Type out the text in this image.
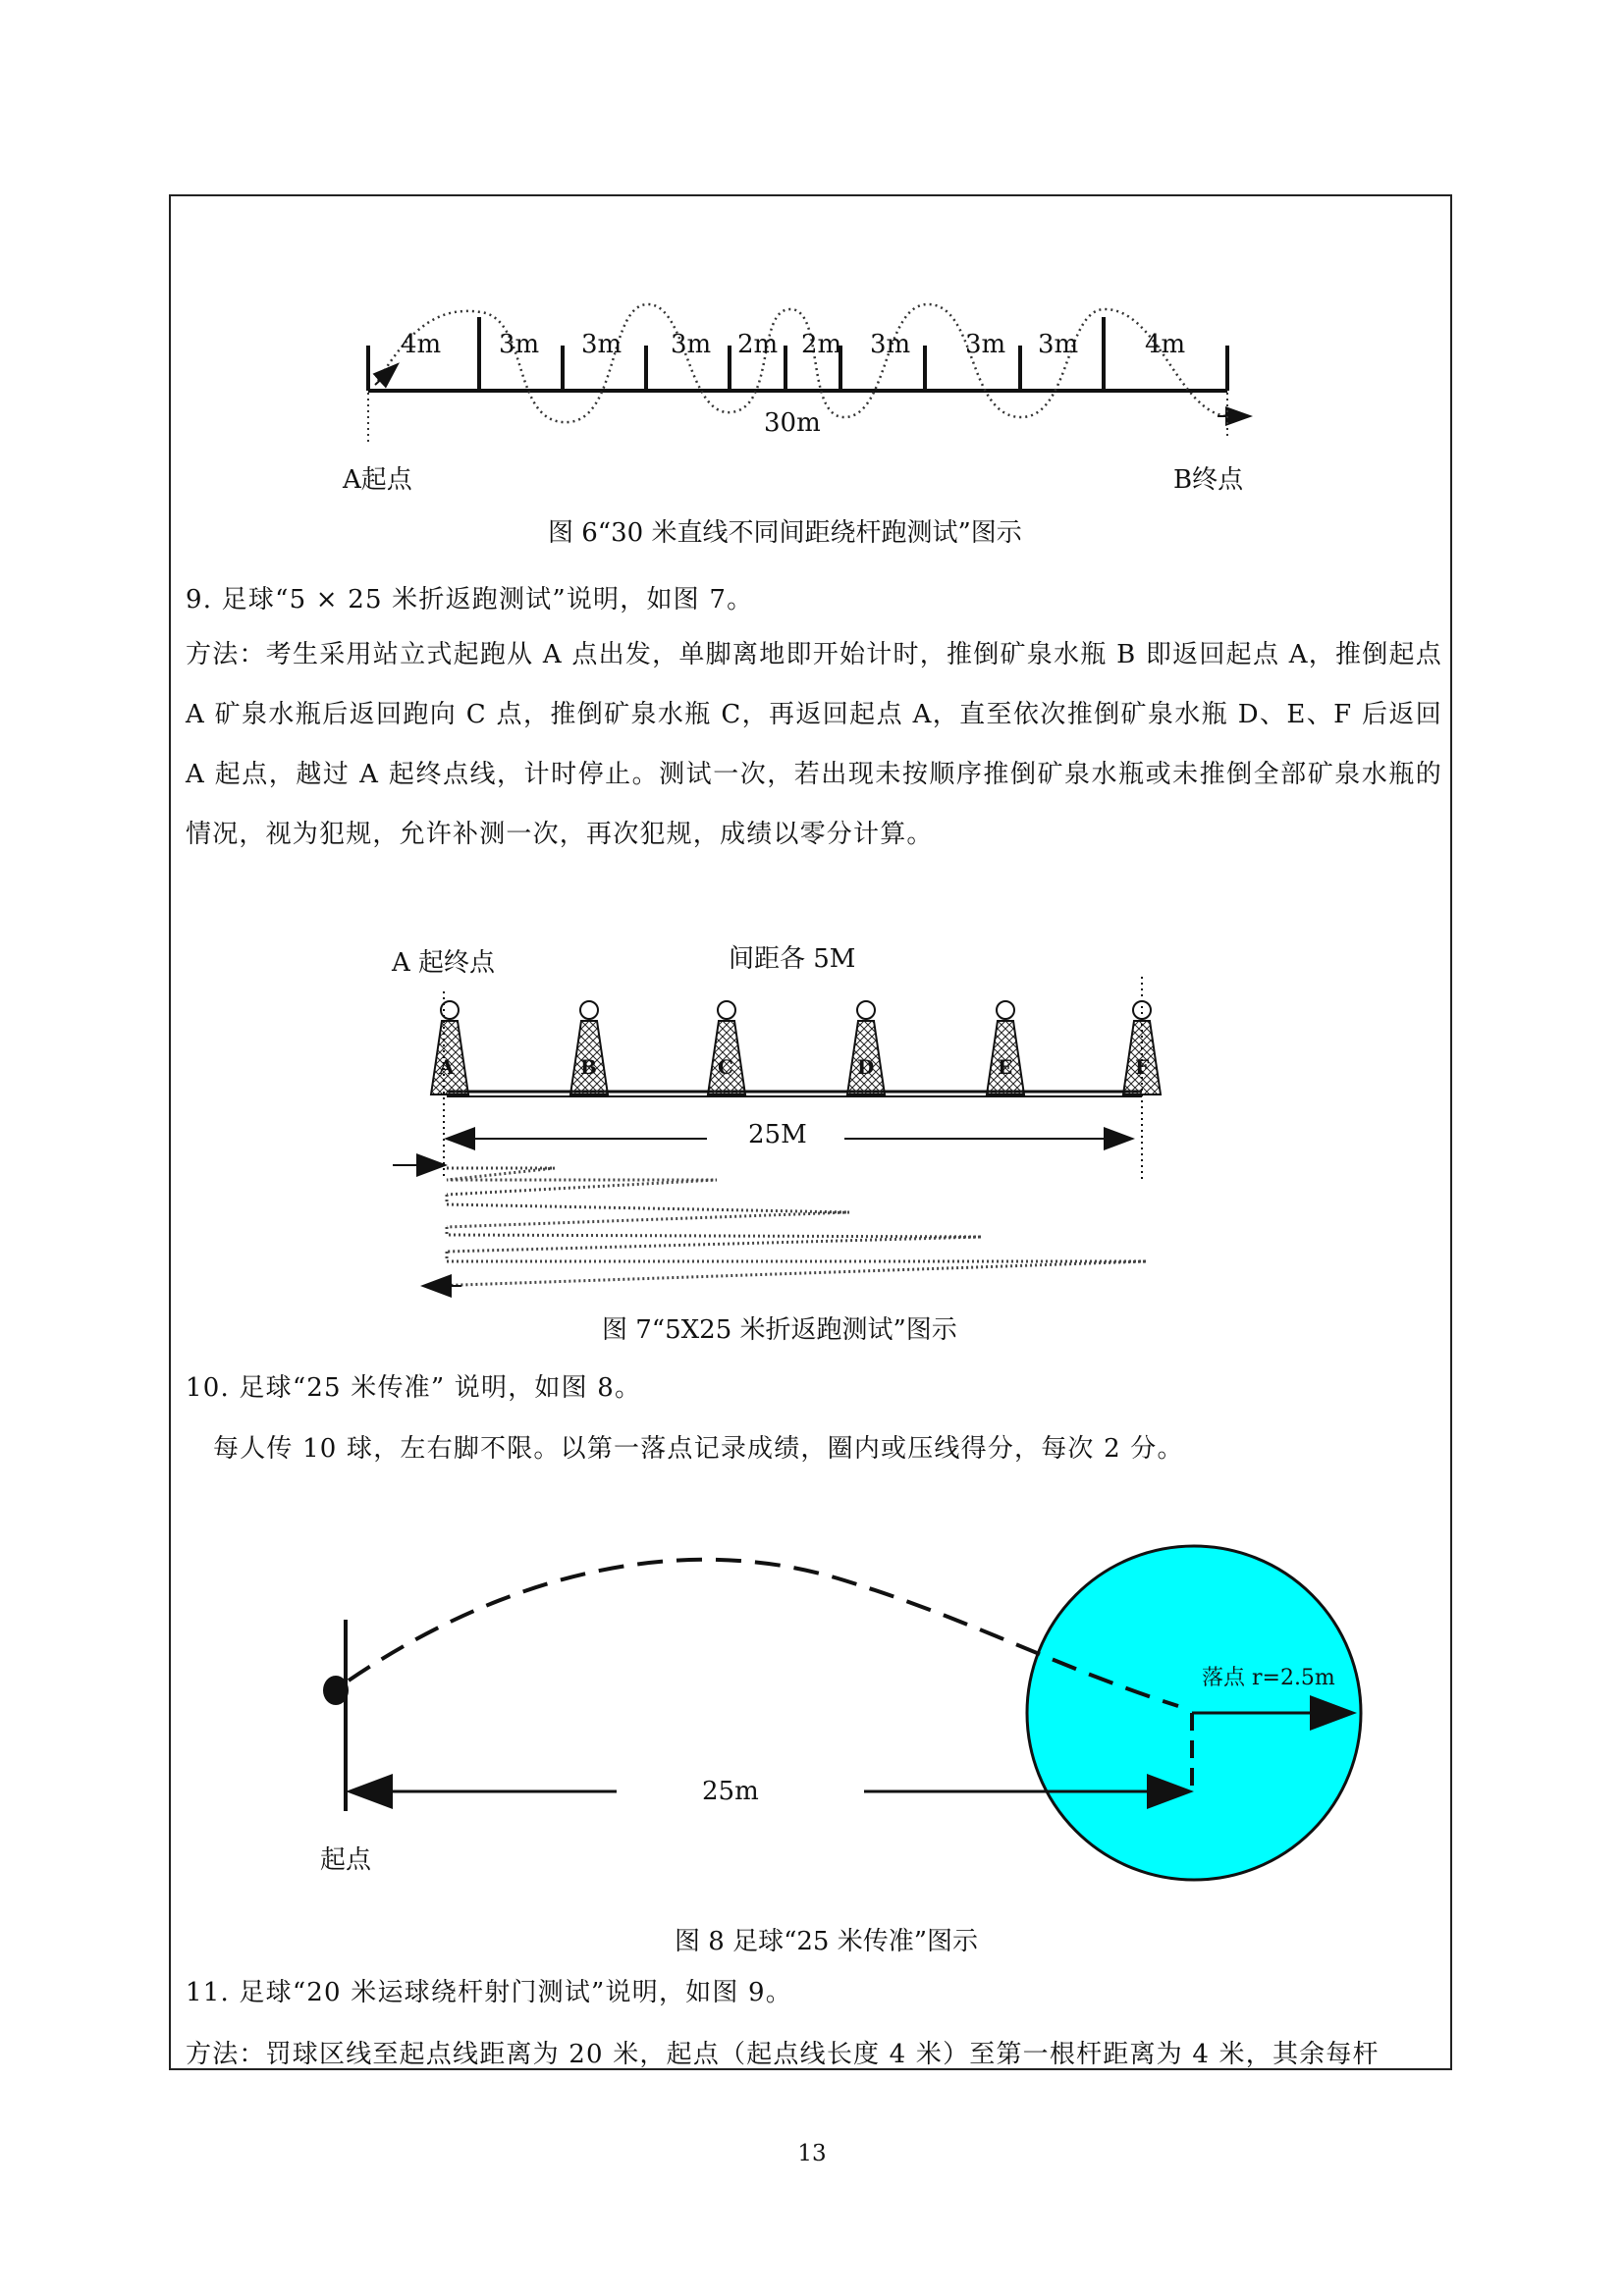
4m 3m 3m 3m 2m 2m 3m 3m 3m	4m
30m
A起点	B终点
图 6“30 米直线不同间距绕杆跑测试”图示
9. 足球“5 × 25 米折返跑测试”说明，如图 7。
方法：考生采用站立式起跑从 A 点出发，单脚离地即开始计时，推倒矿泉水瓶 B 即返回起点 A，推倒起点 A 矿泉水瓶后返回跑向 C 点，推倒矿泉水瓶 C，再返回起点 A，直至依次推倒矿泉水瓶 D、E、F 后返回 A 起点，越过 A 起终点线，计时停止。测试一次，若出现未按顺序推倒矿泉水瓶或未推倒全部矿泉水瓶的情况，视为犯规，允许补测一次，再次犯规，成绩以零分计算。
A 起终点	间距各 5M
A	B	C	D	E	F
25M
图 7“5X25 米折返跑测试”图示
10. 足球“25 米传准” 说明，如图 8。
每人传 10 球，左右脚不限。以第一落点记录成绩，圈内或压线得分，每次 2 分。
落点 r=2.5m
25m
起点
图 8 足球“25 米传准”图示
11. 足球“20 米运球绕杆射门测试”说明，如图 9。
方法：罚球区线至起点线距离为 20 米，起点（起点线长度 4 米）至第一根杆距离为 4 米，其余每杆
13
